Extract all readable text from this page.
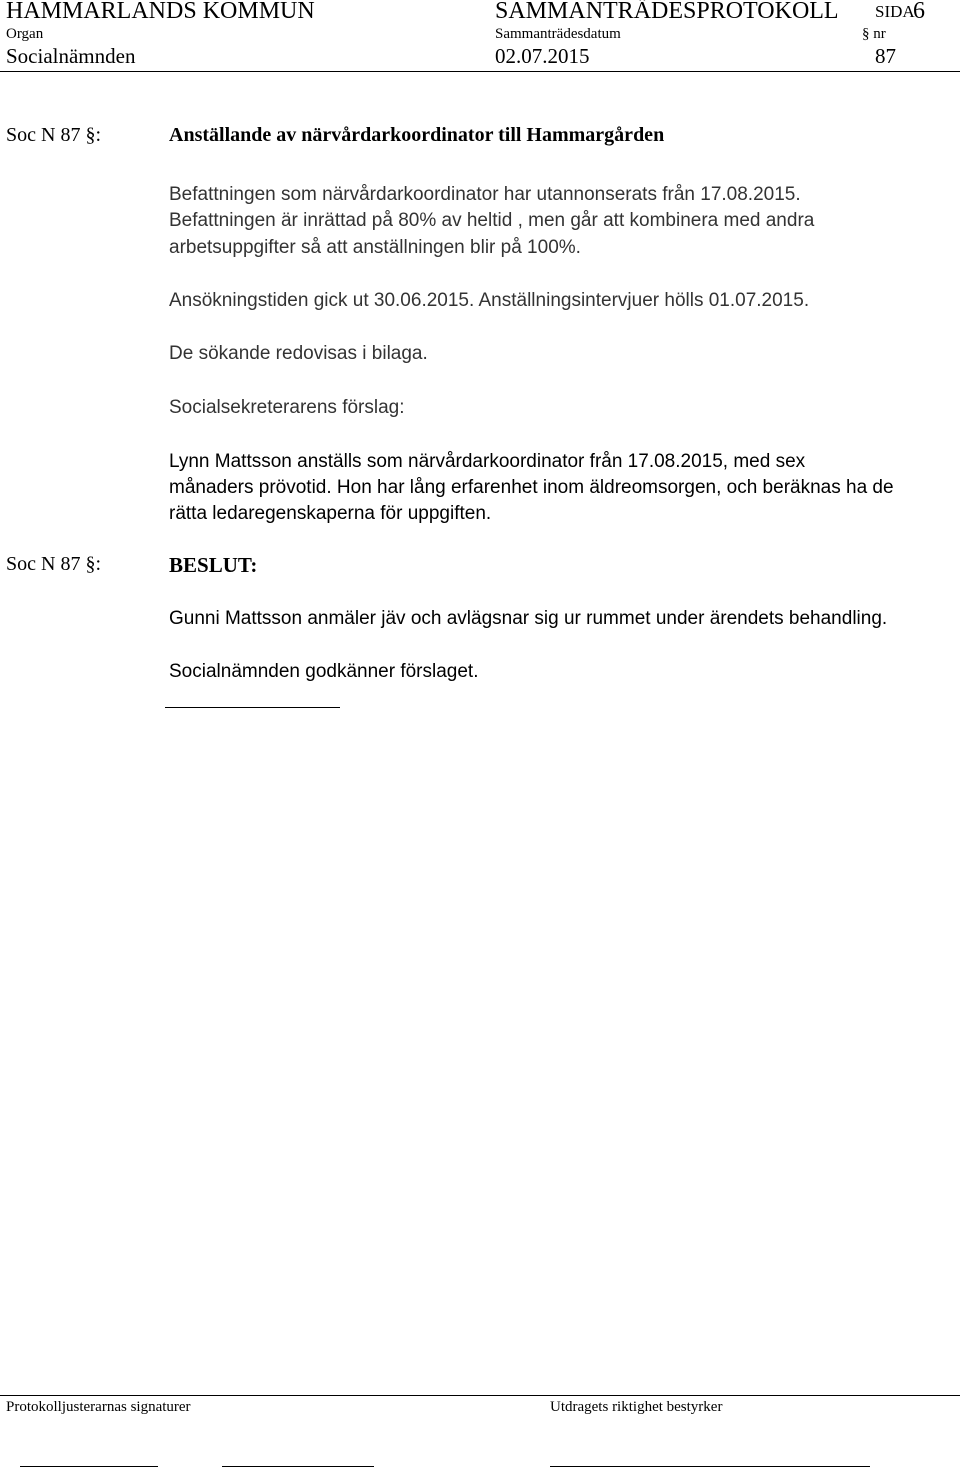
HAMMARLANDS KOMMUN	SAMMANTRÄDESPROTOKOLL SIDA
6
Organ	Sammanträdesdatum	§ nr
Socialnämnden	02.07.2015	87
Soc N 87 §:	Anställande av närvårdarkoordinator till Hammargården
Befattningen som närvårdarkoordinator har utannonserats från 17.08.2015.
Befattningen är inrättad på 80% av heltid , men går att kombinera med andra
arbetsuppgifter så att anställningen blir på 100%.
Ansökningstiden gick ut 30.06.2015. Anställningsintervjuer hölls 01.07.2015.
De sökande redovisas i bilaga.
Socialsekreterarens förslag:
Lynn Mattsson anställs som närvårdarkoordinator från 17.08.2015, med sex
månaders prövotid. Hon har lång erfarenhet inom äldreomsorgen, och beräknas ha de
rätta ledaregenskaperna för uppgiften.
Soc N 87 §:	BESLUT:
Gunni Mattsson anmäler jäv och avlägsnar sig ur rummet under ärendets behandling.
Socialnämnden godkänner förslaget.
Protokolljusterarnas signaturer	Utdragets riktighet bestyrker
